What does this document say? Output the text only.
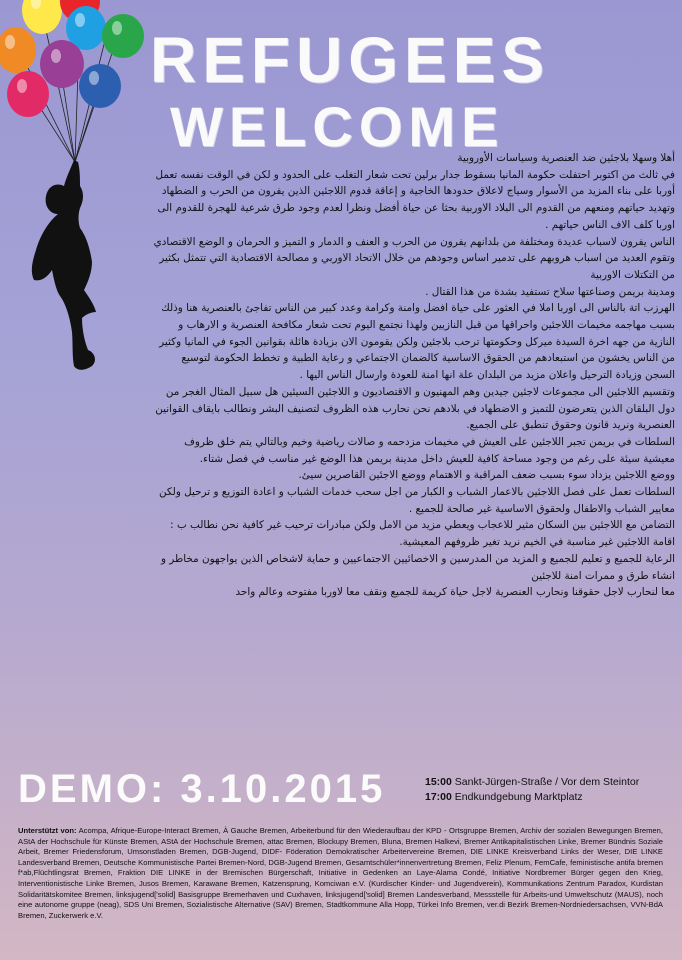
REFUGEES
WELCOME

أهلا وسهلا بلاجئين ضد العنصرية وسياسات الأوروبية

في ثالث من اكتوبر احتفلت حكومة المانيا بسقوط جدار برلين تحت شعار التغلب على الحدود و لكن في الوقت نفسه تعمل أوربا على بناء المزيد من الأسوار وسياج لاعلاق حدودها الخاجية و إعاقة قدوم اللاجئين الذين يفرون من الحرب و الضطهاد وتهديد حياتهم ومنعهم من القدوم الى البلاد الاوربية بحثا عن حياة أفضل ونظرا لعدم وجود طرق شرعية للهجرة للقدوم الى اوربا كلف الاف الناس حياتهم .

الناس يفرون لاسباب عديدة ومختلفة من بلدانهم يفرون من الحرب و العنف و الدمار و التميز و الحرمان و الوضع الاقتصادي

وتقوم العديد من اسباب هروبهم على تدمير اساس وجودهم من خلال الاتحاد الاوربي و مصالحة الاقتصادية التي تتمثل بكثير من التكتلات الاوربية

ومدينة بريمن وصناعتها سلاح تستفيد بشدة من هذا القتال .

الهرزب اتة بالناس الى اوربا املا في العثور على حياة افضل وامنة وكرامة وعدد كبير من الناس تفاجئ بالعنصرية هنا وذلك بسبب مهاجمه مخيمات اللاجئين واحراقها من قبل النازيين ولهذا نجتمع اليوم تحت شعار مكافحة العنصرية و الارهاب و النازية من جهه اخرة السيدة ميركل وحكومتها ترحب بلاجئين ولكن يقومون الان بزيادة هائلة بقوانين الجوء في المانيا وكثير من الناس يخشون من استبعادهم من الحقوق الاساسية كالضمان الاجتماعي و رعاية الطبية و تخطط الحكومة لتوسيع السجن وزيادة الترحيل واعلان مزيد من البلدان علة انها امنة للعودة وارسال الناس اليها .

وتقسيم اللاجئين الى مجموعات لاجئين جيدين وهم المهنيون و الاقتصاديون و اللاجئين السيئين هل سبيل المثال الغجر من دول البلقان الذين يتعرضون للتميز و الاضطهاد في بلادهم نحن نحارب هذه الظروف لتصنيف البشر ونطالب بايقاف القوانين العنصرية ونريد قانون وحقوق تنطبق على الجميع.

السلطات في بريمن تجبر اللاجئين على العيش في مخيمات مزدحمه و صالات رياضية وخيم وبالتالي يتم خلق ظروف معيشية سيئة على رغم من وجود مساحة كافية للعيش داخل مدينة بريمن هذا الوضع غير مناسب في فصل شتاء.

ووضع اللاجئين يزداد سوء بسبب ضعف المراقبة و الاهتمام ووضع الاجئين القاصرين سيئ.

السلطات تعمل على فصل اللاجئين بالاعمار الشباب و الكبار من اجل سحب خدمات الشباب و اعادة التوزيع و ترحيل ولكن معايير الشباب والاطفال ولحقوق الاساسية غير صالحة للجميع .

التضامن مع اللاجئين بين السكان مثير للاعجاب ويعطي مزيد من الامل ولكن مبادرات ترحيب غير كافية نحن نطالب ب :

اقامة اللاجئين غير مناسبة في الخيم نريد تغير ظروفهم المعيشية.

الرعاية للجميع و تعليم للجميع و المزيد من المدرسين و الاخصائيين الاجتماعيين و حماية لاشخاص الذين يواجهون مخاطر و انشاء طرق و ممرات امنة للاجئين

معا لنحارب لاجل حقوقنا ونحارب العنصرية لاجل حياة كريمة للجميع ونقف معا لاوربا مفتوحه وعالم واحد

DEMO: 3.10.2015	15:00 Sankt-Jürgen-Straße / Vor dem Steintor
17:00 Endkundgebung Marktplatz
Unterstützt von: Acompa, Afrique-Europe-Interact Bremen, À Gauche Bremen, Arbeiterbund für den Wiederaufbau der KPD - Ortsgruppe Bremen, Archiv der sozialen Bewegungen Bremen, AStA der Hochschule für Künste Bremen, AStA der Hochschule Bremen, attac Bremen, Blockupy Bremen, Bluna, Bremen Halkevi, Bremer Antikapitalistischen Linke, Bremer Bündnis Soziale Arbeit, Bremer Friedensforum, Umsonstladen Bremen, DGB-Jugend, DIDF- Föderation Demokratischer Arbeitervereine Bremen, DIE LINKE Kreisverband Links der Weser, DIE LINKE Landesverband Bremen, Deutsche Kommunistische Partei Bremen-Nord, DGB-Jugend Bremen, Gesamtschüler*innenvertretung Bremen, Feliz Plenum, FemCafe, feministische antifa bremen f*ab,Flüchtlingsrat Bremen, Fraktion DIE LINKE in der Bremischen Bürgerschaft, Initiative in Gedenken an Laye-Alama Condé, Initiative Nordbremer Bürger gegen den Krieg, Interventionistische Linke Bremen, Jusos Bremen, Karawane Bremen, Katzensprung, Komciwan e.V. (Kurdischer Kinder- und Jugendverein), Kommunikations Zentrum Paradox, Kurdistan Solidaritätskomitee Bremen, linksjugend['solid] Basisgruppe Bremerhaven und Cuxhaven, linksjugend['solid] Bremen Landesverband, Messstelle für Arbeits-und Umweltschutz (MAUS), noch eine autonome gruppe (neag), SDS Uni Bremen, Sozialistische Alternative (SAV) Bremen, Stadtkommune Alla Hopp, Türkei Info Bremen, ver.di Bezirk Bremen-Nordniedersachsen, VVN-BdA Bremen, Zuckerwerk e.V.
